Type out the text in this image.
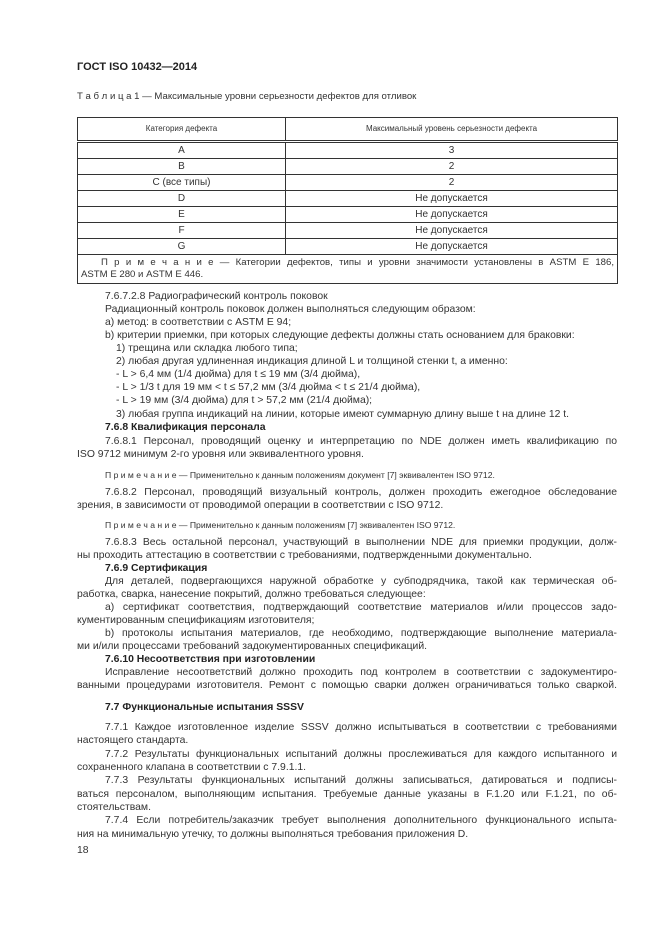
ГОСТ ISO 10432—2014
Т а б л и ц а 1 — Максимальные уровни серьезности дефектов для отливок
Категория дефекта	Максимальный уровень серьезности дефекта
A	3
B	2
C (все типы)	2
D	Не допускается
E	Не допускается
F	Не допускается
G	Не допускается

П р и м е ч а н и е — Категории дефектов, типы и уровни значимости установлены в ASTM E 186,
ASTM E 280 и ASTM E 446.	
7.6.7.2.8 Радиографический контроль поковок
Радиационный контроль поковок должен выполняться следующим образом:
a) метод: в соответствии с ASTM E 94;
b) критерии приемки, при которых следующие дефекты должны стать основанием для браковки:
1) трещина или складка любого типа;
2) любая другая удлиненная индикация длиной L и толщиной стенки t, а именно:
- L > 6,4 мм (1/4 дюйма) для t ≤ 19 мм (3/4 дюйма),
- L > 1/3 t для 19 мм < t ≤ 57,2 мм (3/4 дюйма < t ≤ 21/4 дюйма),
- L > 19 мм (3/4 дюйма) для t > 57,2 мм (21/4 дюйма);
3) любая группа индикаций на линии, которые имеют суммарную длину выше t на длине 12 t.
7.6.8 Квалификация персонала
7.6.8.1 Персонал, проводящий оценку и интерпретацию по NDE должен иметь квалификацию по
ISO 9712 минимум 2-го уровня или эквивалентного уровня.
П р и м е ч а н и е — Применительно к данным положениям документ [7] эквивалентен ISO 9712.
7.6.8.2 Персонал, проводящий визуальный контроль, должен проходить ежегодное обследование
зрения, в зависимости от проводимой операции в соответствии с ISO 9712.
П р и м е ч а н и е — Применительно к данным положениям [7] эквивалентен ISO 9712.
7.6.8.3 Весь остальной персонал, участвующий в выполнении NDE для приемки продукции, долж-
ны проходить аттестацию в соответствии с требованиями, подтвержденными документально.
7.6.9 Сертификация
Для деталей, подвергающихся наружной обработке у субподрядчика, такой как термическая об-
работка, сварка, нанесение покрытий, должно требоваться следующее:
a) сертификат соответствия, подтверждающий соответствие материалов и/или процессов задо-
кументированным спецификациям изготовителя;
b) протоколы испытания материалов, где необходимо, подтверждающие выполнение материала-
ми и/или процессами требований задокументированных спецификаций.
7.6.10 Несоответствия при изготовлении
Исправление несоответствий должно проходить под контролем в соответствии с задокументиро-
ванными процедурами изготовителя. Ремонт с помощью сварки должен ограничиваться только сваркой.
7.7 Функциональные испытания SSSV
7.7.1 Каждое изготовленное изделие SSSV должно испытываться в соответствии с требованиями
настоящего стандарта.
7.7.2 Результаты функциональных испытаний должны прослеживаться для каждого испытанного и
сохраненного клапана в соответствии с 7.9.1.1.
7.7.3 Результаты функциональных испытаний должны записываться, датироваться и подписы-
ваться персоналом, выполняющим испытания. Требуемые данные указаны в F.1.20 или F.1.21, по об-
стоятельствам.
7.7.4 Если потребитель/заказчик требует выполнения дополнительного функционального испыта-
ния на минимальную утечку, то должны выполняться требования приложения D.
18
